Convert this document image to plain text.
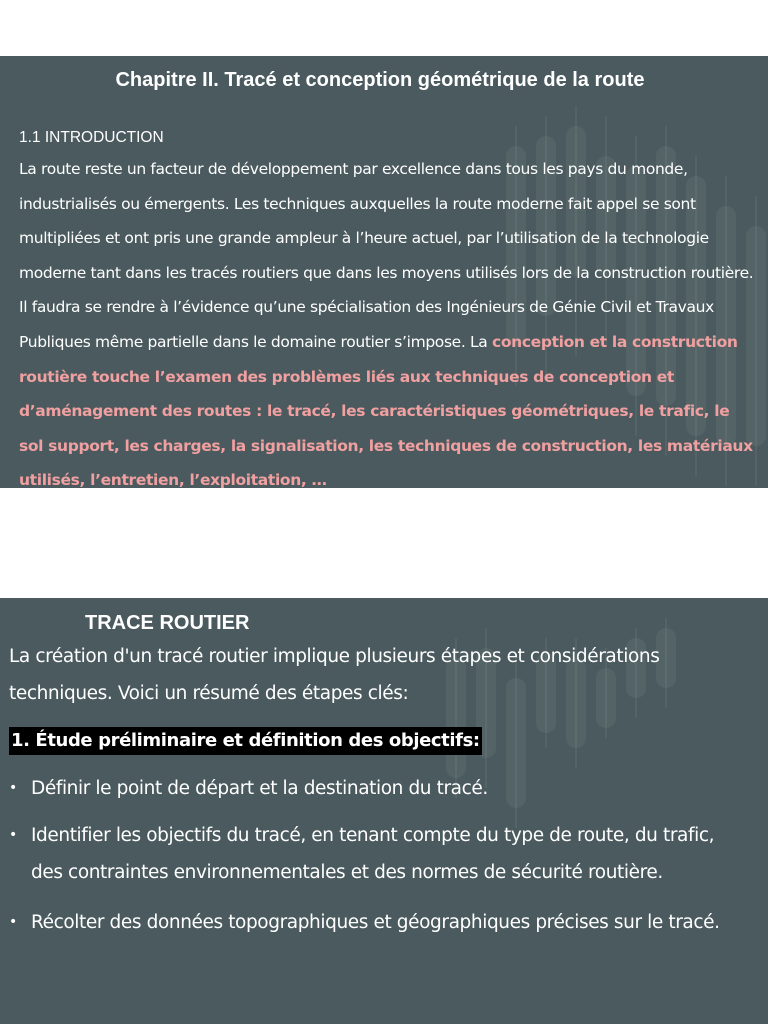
Chapitre II. Tracé et conception géométrique de la route
1.1 INTRODUCTION
La route reste un facteur de développement par excellence dans tous les pays du monde, industrialisés ou émergents. Les techniques auxquelles la route moderne fait appel se sont multipliées et ont pris une grande ampleur à l’heure actuel, par l’utilisation de la technologie moderne tant dans les tracés routiers que dans les moyens utilisés lors de la construction routière. Il faudra se rendre à l’évidence qu’une spécialisation des Ingénieurs de Génie Civil et Travaux Publiques même partielle dans le domaine routier s’impose. La conception et la construction routière touche l’examen des problèmes liés aux techniques de conception et d’aménagement des routes : le tracé, les caractéristiques géométriques, le trafic, le sol support, les charges, la signalisation, les techniques de construction, les matériaux utilisés, l’entretien, l’exploitation, …
TRACE ROUTIER
La création d'un tracé routier implique plusieurs étapes et considérations techniques. Voici un résumé des étapes clés:
1. Étude préliminaire et définition des objectifs:
• Définir le point de départ et la destination du tracé.
• Identifier les objectifs du tracé, en tenant compte du type de route, du trafic, des contraintes environnementales et des normes de sécurité routière.
• Récolter des données topographiques et géographiques précises sur le tracé.
